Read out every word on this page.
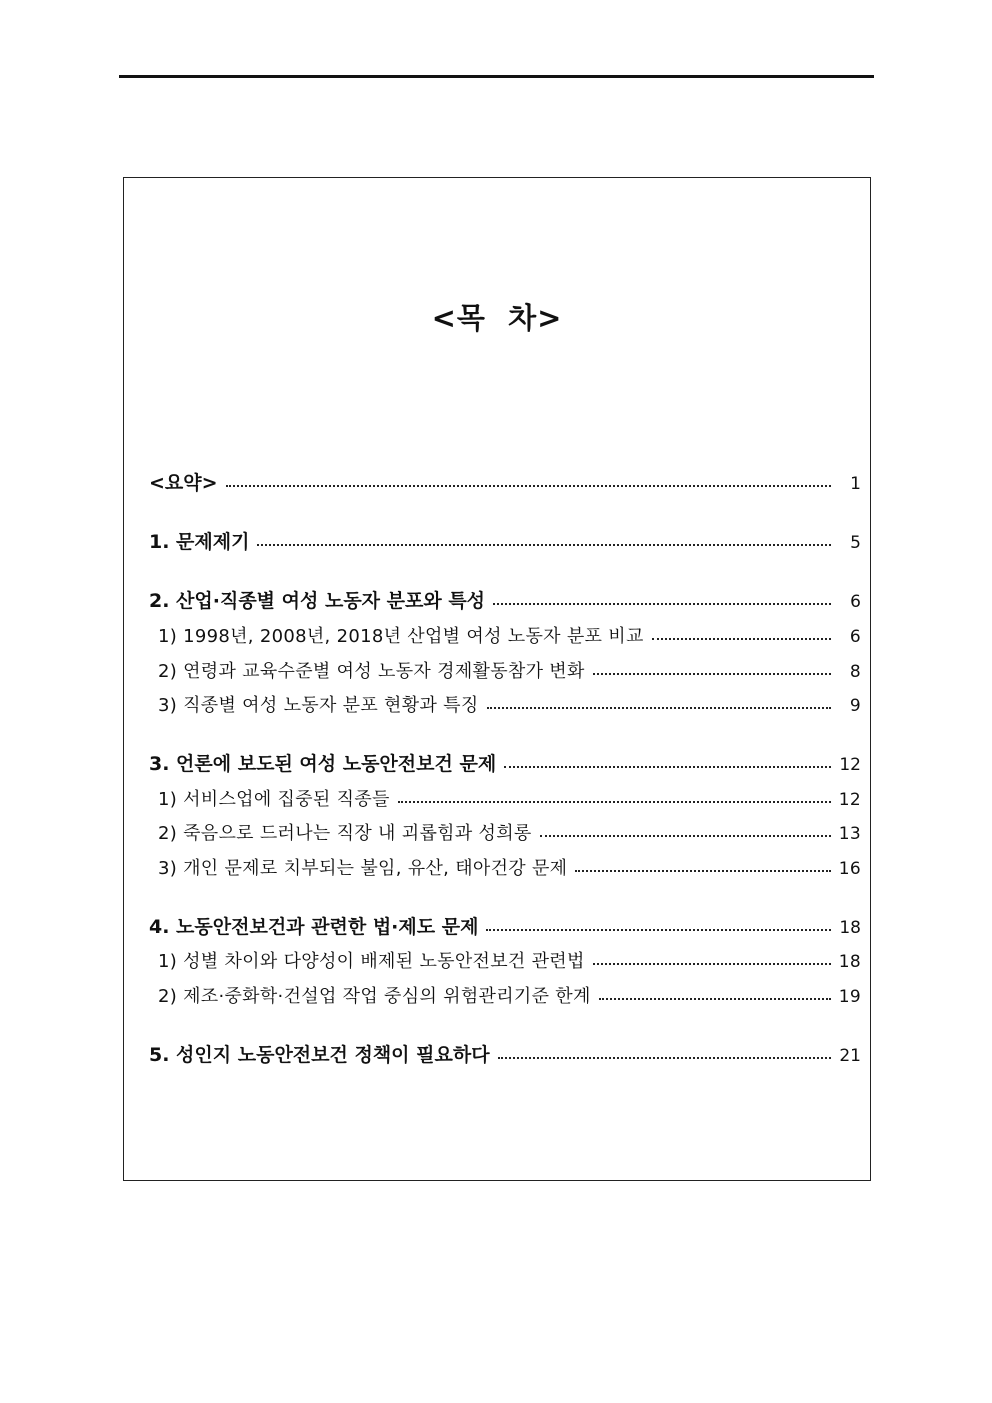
<목  차>
<요약>	1
1. 문제제기	5
2. 산업·직종별 여성 노동자 분포와 특성	6
1) 1998년, 2008년, 2018년 산업별 여성 노동자 분포 비교	6
2) 연령과 교육수준별 여성 노동자 경제활동참가 변화	8
3) 직종별 여성 노동자 분포 현황과 특징	9
3. 언론에 보도된 여성 노동안전보건 문제	12
1) 서비스업에 집중된 직종들	12
2) 죽음으로 드러나는 직장 내 괴롭힘과 성희롱	13
3) 개인 문제로 치부되는 불임, 유산, 태아건강 문제	16
4. 노동안전보건과 관련한 법·제도 문제	18
1) 성별 차이와 다양성이 배제된 노동안전보건 관련법	18
2) 제조·중화학·건설업 작업 중심의 위험관리기준 한계	19
5. 성인지 노동안전보건 정책이 필요하다	21
